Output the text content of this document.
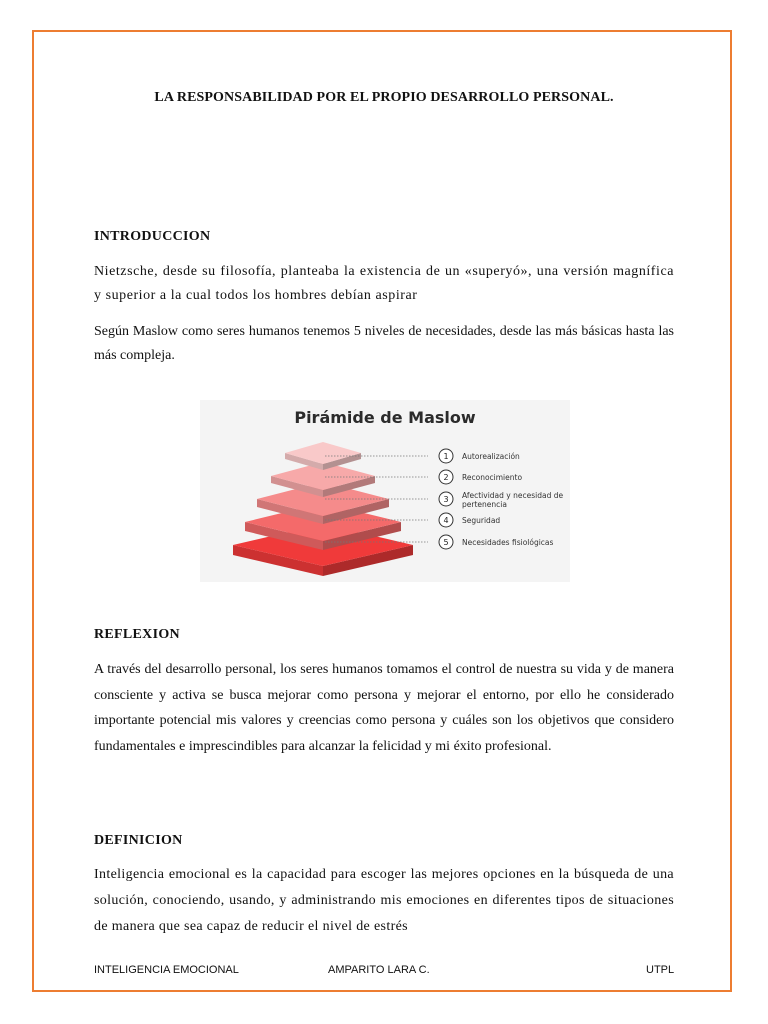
LA RESPONSABILIDAD POR EL PROPIO DESARROLLO PERSONAL.
INTRODUCCION

Nietzsche, desde su filosofía, planteaba la existencia de un «superyó», una versión magnífica y superior a la cual todos los hombres debían aspirar

Según Maslow como seres humanos tenemos 5 niveles de necesidades, desde las más básicas hasta las más compleja.

1
2
3
4
5
Pirámide de Maslow
Autorealización
Reconocimiento
Afectividad y necesidad de pertenencia
Seguridad
Necesidades fisiológicas
REFLEXION

A través del desarrollo personal, los seres humanos tomamos el control de nuestra su vida y de manera consciente y activa se busca mejorar como persona y mejorar el entorno, por ello he considerado importante potencial mis valores y creencias como persona y cuáles son los objetivos que considero fundamentales e imprescindibles para alcanzar la felicidad y mi éxito profesional.

DEFINICION

Inteligencia emocional es la capacidad para escoger las mejores opciones en la búsqueda de una solución, conociendo, usando, y administrando mis emociones en diferentes tipos de situaciones de manera que sea capaz de reducir el nivel de estrés

INTELIGENCIA EMOCIONAL	AMPARITO LARA C.	UTPL
